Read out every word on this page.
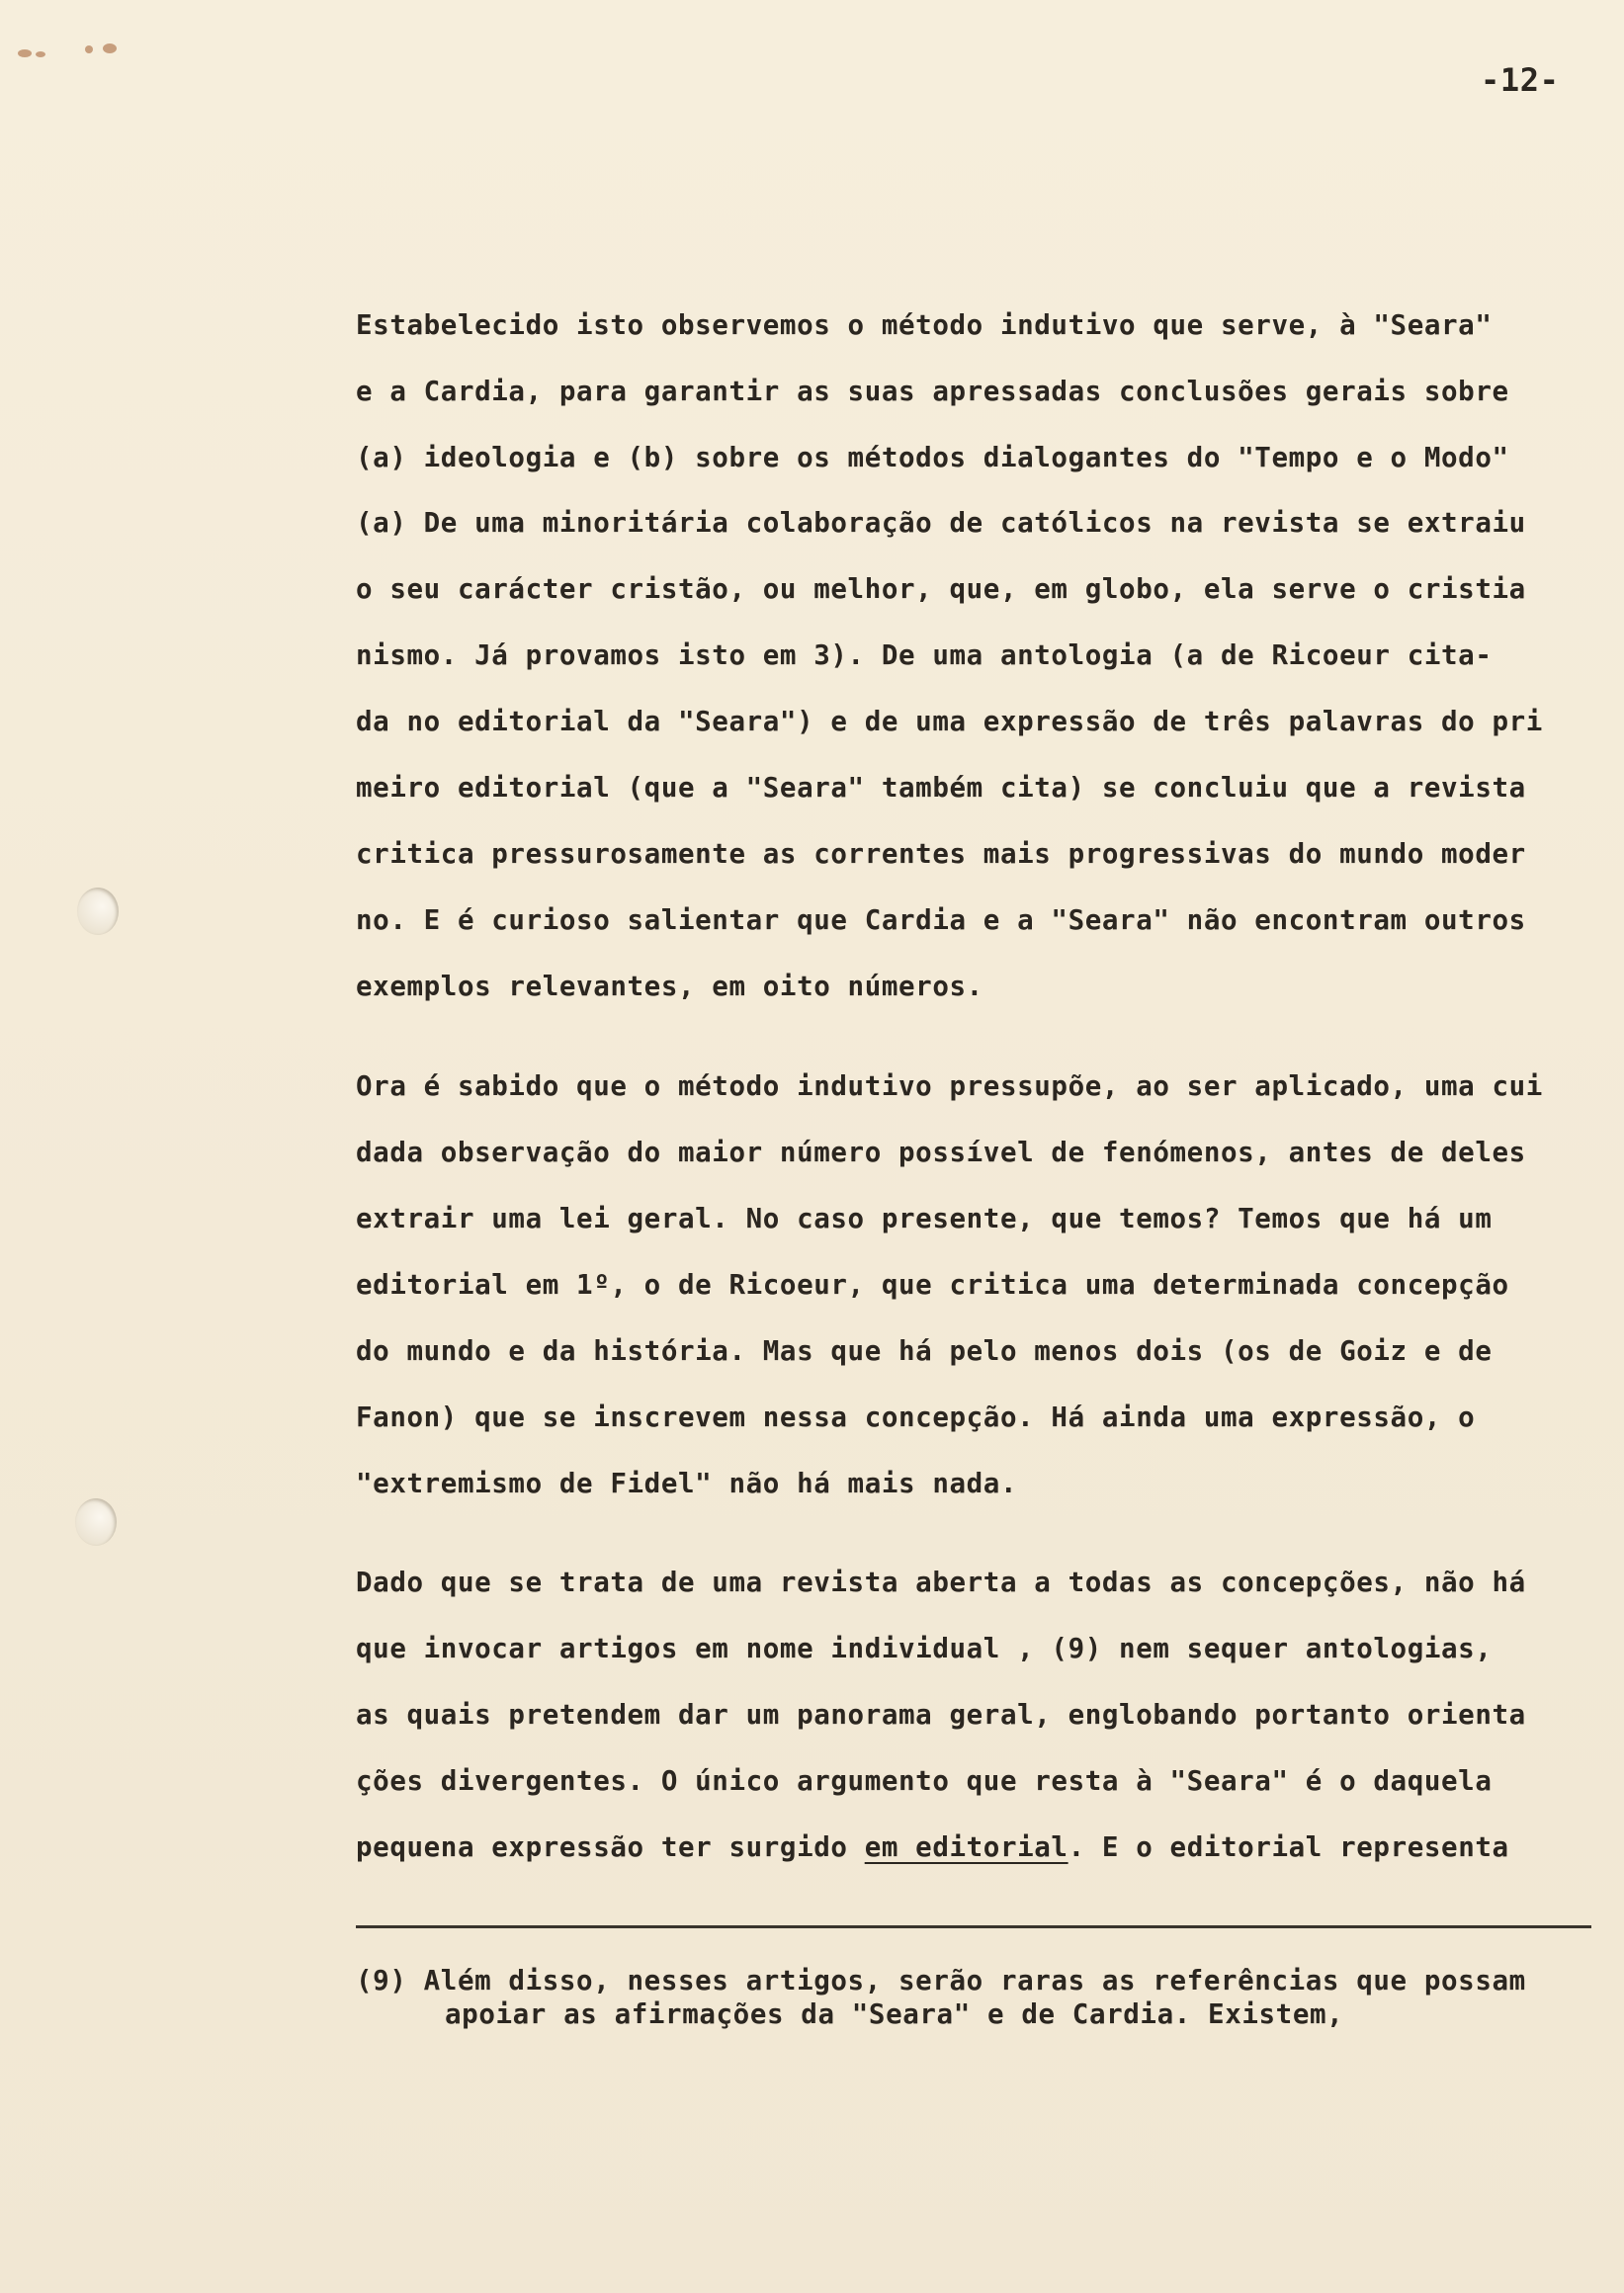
-12-
Estabelecido isto observemos o método indutivo que serve, à "Seara"
e a Cardia, para garantir as suas apressadas conclusões gerais sobre
(a) ideologia e (b) sobre os métodos dialogantes do "Tempo e o Modo"
(a) De uma minoritária colaboração de católicos na revista se extraiu
o seu carácter cristão, ou melhor, que, em globo, ela serve o cristia
nismo. Já provamos isto em 3). De uma antologia (a de Ricoeur cita-
da no editorial da "Seara") e de uma expressão de três palavras do pri
meiro editorial (que a "Seara" também cita) se concluiu que a revista
critica pressurosamente as correntes mais progressivas do mundo moder
no. E é curioso salientar que Cardia e a "Seara" não encontram outros
exemplos relevantes, em oito números.
Ora é sabido que o método indutivo pressupõe, ao ser aplicado, uma cui
dada observação do maior número possível de fenómenos, antes de deles
extrair uma lei geral. No caso presente, que temos? Temos que há um
editorial em 1º, o de Ricoeur, que critica uma determinada concepção
do mundo e da história. Mas que há pelo menos dois (os de Goiz e de
Fanon) que se inscrevem nessa concepção. Há ainda uma expressão, o
"extremismo de Fidel" não há mais nada.
Dado que se trata de uma revista aberta a todas as concepções, não há
que invocar artigos em nome individual , (9) nem sequer antologias,
as quais pretendem dar um panorama geral, englobando portanto orienta
ções divergentes. O único argumento que resta à "Seara" é o daquela
pequena expressão ter surgido em editorial. E o editorial representa
(9) Além disso, nesses artigos, serão raras as referências que possam
apoiar as afirmações da "Seara" e de Cardia. Existem,
